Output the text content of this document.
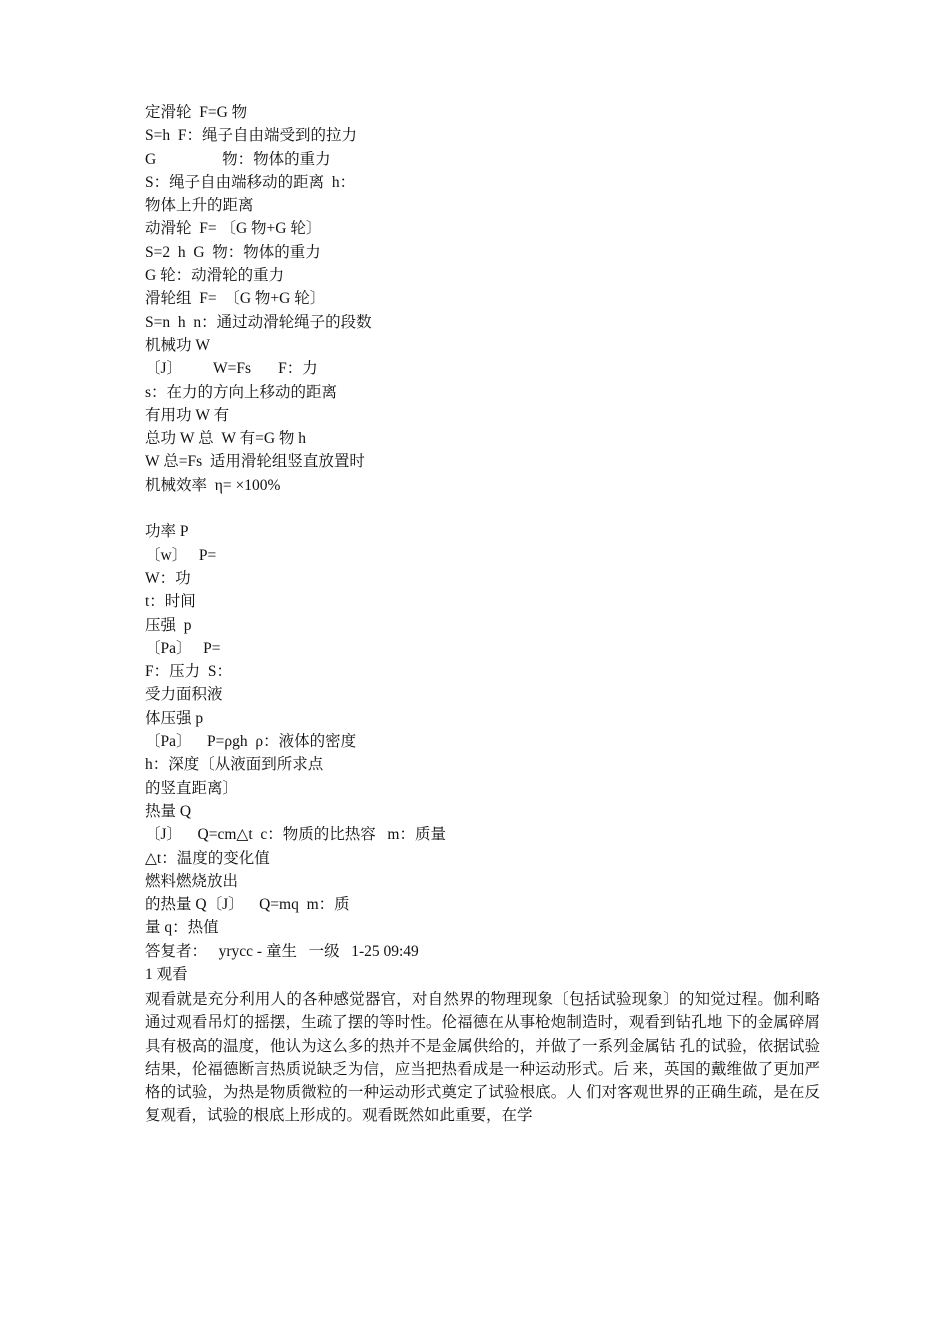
定滑轮  F=G 物

S=h  F：绳子自由端受到的拉力

G                 物：物体的重力

S：绳子自由端移动的距离  h：

物体上升的距离

动滑轮  F= 〔G 物+G 轮〕

S=2  h  G  物：物体的重力

G 轮：动滑轮的重力

滑轮组  F=  〔G 物+G 轮〕

S=n  h  n：通过动滑轮绳子的段数

机械功 W

〔J〕        W=Fs       F：力

s：在力的方向上移动的距离

有用功 W 有

总功 W 总  W 有=G 物 h

W 总=Fs  适用滑轮组竖直放置时

机械效率  η= ×100%

功率 P

〔w〕   P=

W：功

t：时间

压强  p

〔Pa〕   P=

F：压力  S：

受力面积液

体压强 p

〔Pa〕    P=ρgh  ρ：液体的密度

h：深度〔从液面到所求点

的竖直距离〕

热量 Q

〔J〕    Q=cm△t  c：物质的比热容   m：质量

△t：温度的变化值

燃料燃烧放出

的热量 Q〔J〕    Q=mq  m：质

量 q：热值

答复者：   yrycc - 童生   一级   1-25 09:49

1 观看

观看就是充分利用人的各种感觉器官，对自然界的物理现象〔包括试验现象〕的知觉过程。伽利略通过观看吊灯的摇摆，生疏了摆的等时性。伦福德在从事枪炮制造时，观看到钻孔地 下的金属碎屑具有极高的温度，他认为这么多的热并不是金属供给的，并做了一系列金属钻 孔的试验，依据试验结果，伦福德断言热质说缺乏为信，应当把热看成是一种运动形式。后 来，英国的戴维做了更加严格的试验，为热是物质微粒的一种运动形式奠定了试验根底。人 们对客观世界的正确生疏，是在反复观看，试验的根底上形成的。观看既然如此重要，在学
